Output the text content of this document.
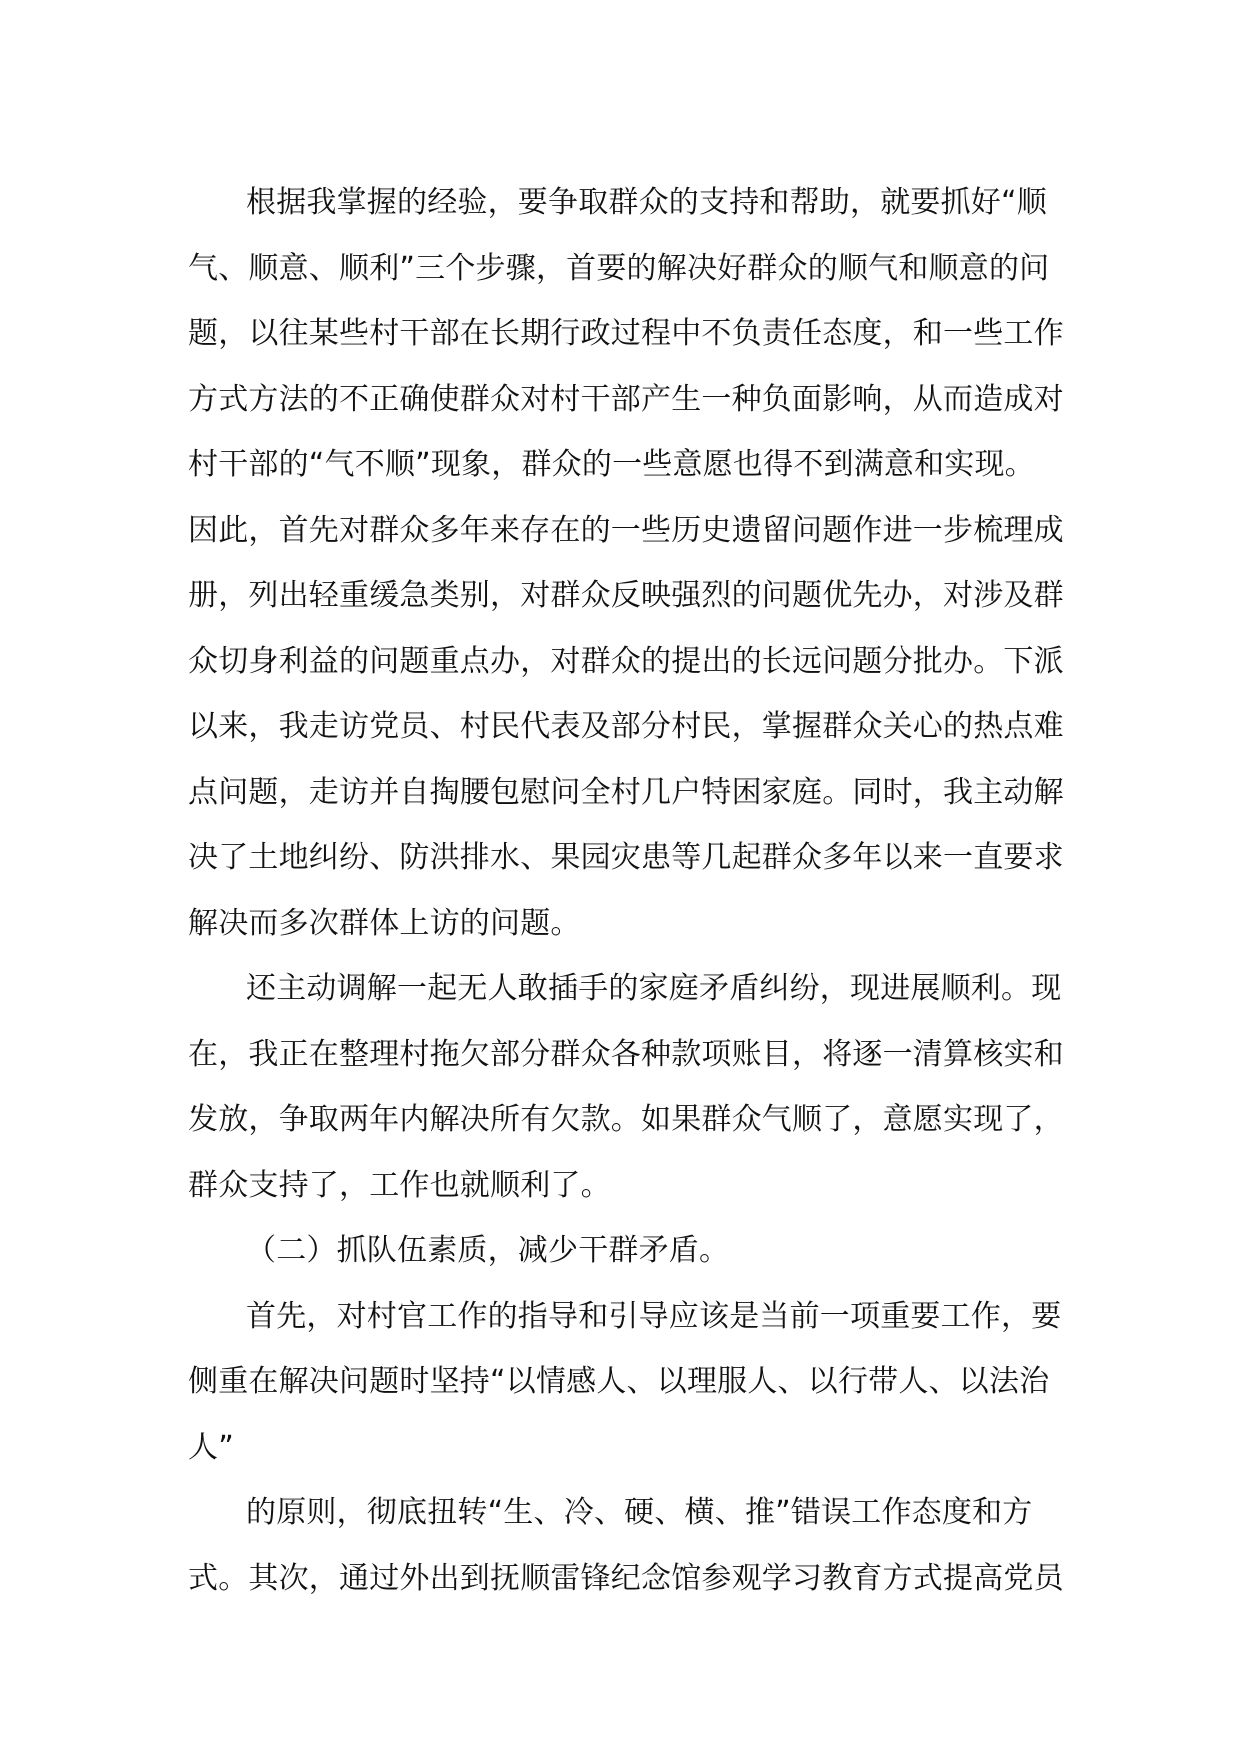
根据我掌握的经验，要争取群众的支持和帮助，就要抓好“顺
气、顺意、顺利”三个步骤，首要的解决好群众的顺气和顺意的问
题，以往某些村干部在长期行政过程中不负责任态度，和一些工作
方式方法的不正确使群众对村干部产生一种负面影响，从而造成对
村干部的“气不顺”现象，群众的一些意愿也得不到满意和实现。
因此，首先对群众多年来存在的一些历史遗留问题作进一步梳理成
册，列出轻重缓急类别，对群众反映强烈的问题优先办，对涉及群
众切身利益的问题重点办，对群众的提出的长远问题分批办。下派
以来，我走访党员、村民代表及部分村民，掌握群众关心的热点难
点问题，走访并自掏腰包慰问全村几户特困家庭。同时，我主动解
决了土地纠纷、防洪排水、果园灾患等几起群众多年以来一直要求
解决而多次群体上访的问题。
还主动调解一起无人敢插手的家庭矛盾纠纷，现进展顺利。现
在，我正在整理村拖欠部分群众各种款项账目，将逐一清算核实和
发放，争取两年内解决所有欠款。如果群众气顺了，意愿实现了，
群众支持了，工作也就顺利了。
（二）抓队伍素质，减少干群矛盾。
首先，对村官工作的指导和引导应该是当前一项重要工作，要
侧重在解决问题时坚持“以情感人、以理服人、以行带人、以法治
人”
的原则，彻底扭转“生、冷、硬、横、推”错误工作态度和方
式。其次，通过外出到抚顺雷锋纪念馆参观学习教育方式提高党员
